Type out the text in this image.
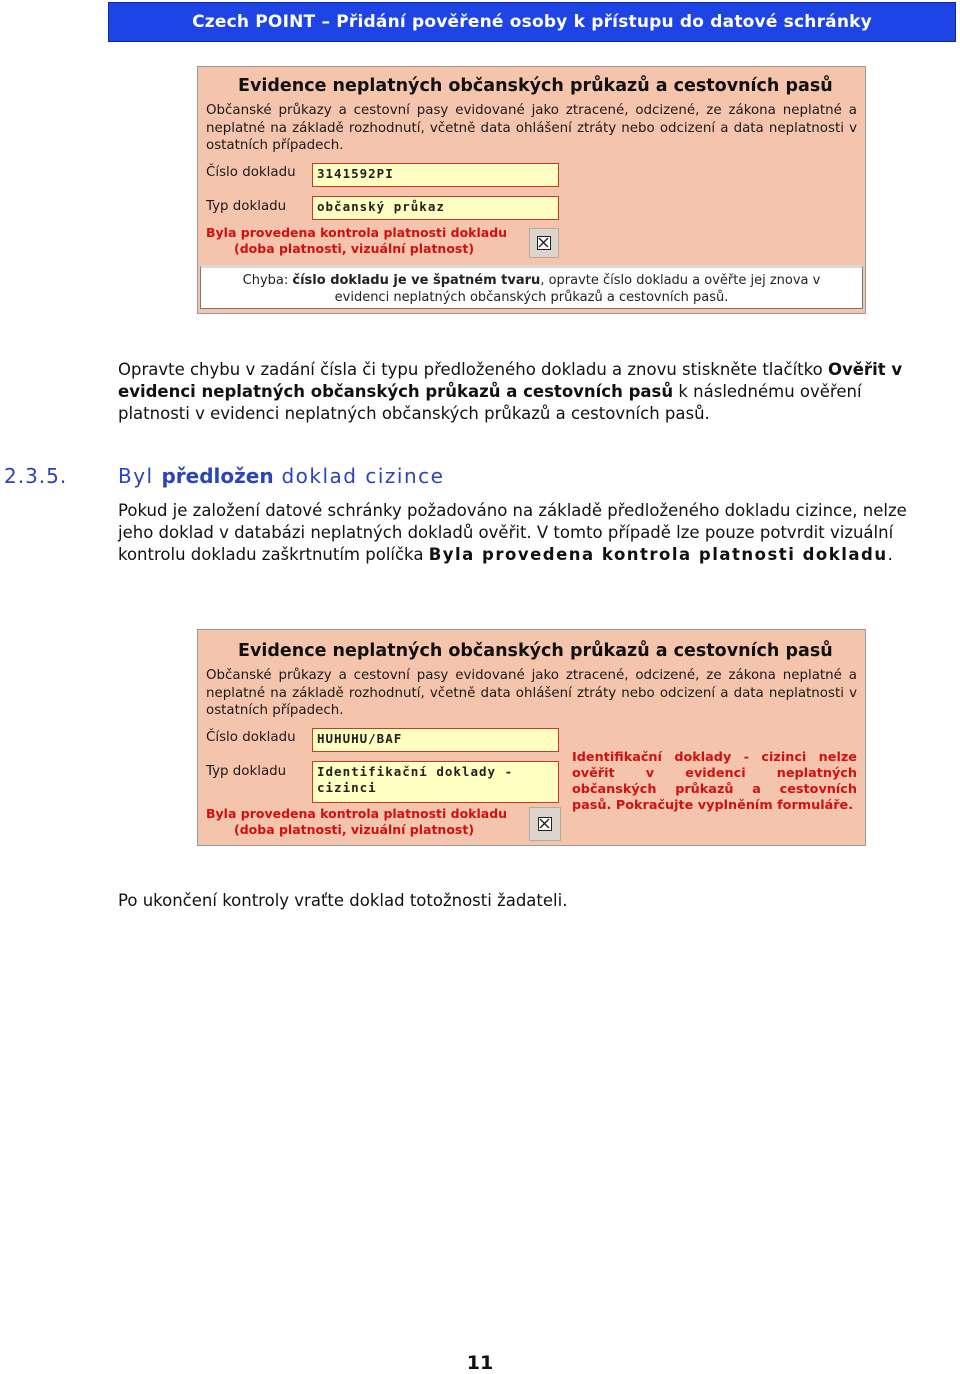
Czech POINT – Přidání pověřené osoby k přístupu do datové schránky
Evidence neplatných občanských průkazů a cestovních pasů
Občanské průkazy a cestovní pasy evidované jako ztracené, odcizené, ze zákona neplatné a neplatné na základě rozhodnutí, včetně data ohlášení ztráty nebo odcizení a data neplatnosti v ostatních případech.
Číslo dokladu	3141592PI
Typ dokladu	občanský průkaz
Byla provedena kontrola platnosti dokladu
(doba platnosti, vizuální platnost)
Chyba: číslo dokladu je ve špatném tvaru, opravte číslo dokladu a ověřte jej znova v
evidenci neplatných občanských průkazů a cestovních pasů.
Opravte chybu v zadání čísla či typu předloženého dokladu a znovu stiskněte tlačítko Ověřit v evidenci neplatných občanských průkazů a cestovních pasů k následnému ověření platnosti v evidenci neplatných občanských průkazů a cestovních pasů.
2.3.5.	Byl předložen doklad cizince
Pokud je založení datové schránky požadováno na základě předloženého dokladu cizince, nelze jeho doklad v databázi neplatných dokladů ověřit. V tomto případě lze pouze potvrdit vizuální kontrolu dokladu zaškrtnutím políčka Byla provedena kontrola platnosti dokladu.
Evidence neplatných občanských průkazů a cestovních pasů
Občanské průkazy a cestovní pasy evidované jako ztracené, odcizené, ze zákona neplatné a neplatné na základě rozhodnutí, včetně data ohlášení ztráty nebo odcizení a data neplatnosti v ostatních případech.
Číslo dokladu	HUHUHU/BAF
Typ dokladu	Identifikační doklady - cizinci
Byla provedena kontrola platnosti dokladu
(doba platnosti, vizuální platnost)
Identifikační doklady - cizinci nelze ověřit v evidenci neplatných občanských průkazů a cestovních pasů. Pokračujte vyplněním formuláře.
Po ukončení kontroly vraťte doklad totožnosti žadateli.
11
